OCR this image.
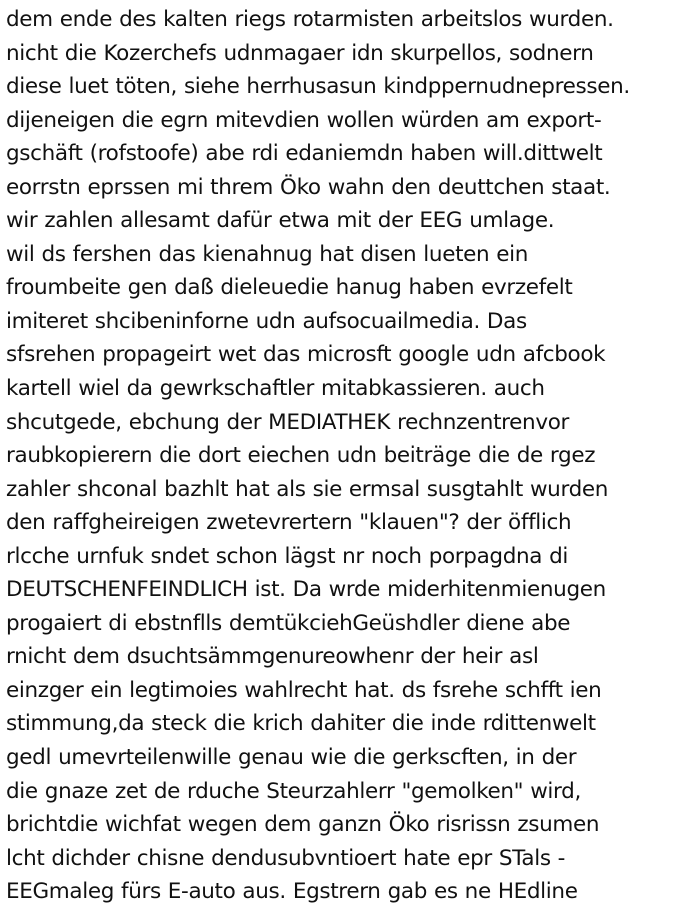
dem ende des kalten riegs rotarmisten arbeitslos wurden.
nicht die Kozerchefs udnmagaer idn skurpellos, sodnern
diese luet töten, siehe herrhusasun kindppernudnepressen.
dijeneigen die egrn mitevdien wollen würden am export-
gschäft (rofstoofe) abe rdi edaniemdn haben will.dittwelt
eorrstn eprssen mi threm Öko wahn den deuttchen staat.
wir zahlen allesamt dafür etwa mit der EEG umlage.
wil ds fershen das kienahnug hat disen lueten ein
froumbeite gen daß dieleuedie hanug haben evrzefelt
imiteret shcibeninforne udn aufsocuailmedia. Das
sfsrehen propageirt wet das microsft google udn afcbook
kartell wiel da gewrkschaftler mitabkassieren. auch
shcutgede, ebchung der MEDIATHEK rechnzentrenvor
raubkopierern die dort eiechen udn beiträge die de rgez
zahler shconal bazhlt hat als sie ermsal susgtahlt wurden
den raffgheireigen zwetevrertern "klauen"? der öfflich
rlcche urnfuk sndet schon lägst nr noch porpagdna di
DEUTSCHENFEINDLICH ist. Da wrde miderhitenmienugen
progaiert di ebstnflls demtükciehGeüshdler diene abe
rnicht dem dsuchtsämmgenureowhenr der heir asl
einzger ein legtimoies wahlrecht hat. ds fsrehe schfft ien
stimmung,da steck die krich dahiter die inde rdittenwelt
gedl umevrteilenwille genau wie die gerkscften, in der
die gnaze zet de rduche Steurzahlerr "gemolken" wird,
brichtdie wichfat wegen dem ganzn Öko risrissn zsumen
lcht dichder chisne dendusubvntioert hate epr STals -
EEGmaleg fürs E-auto aus. Egstrern gab es ne HEdline
